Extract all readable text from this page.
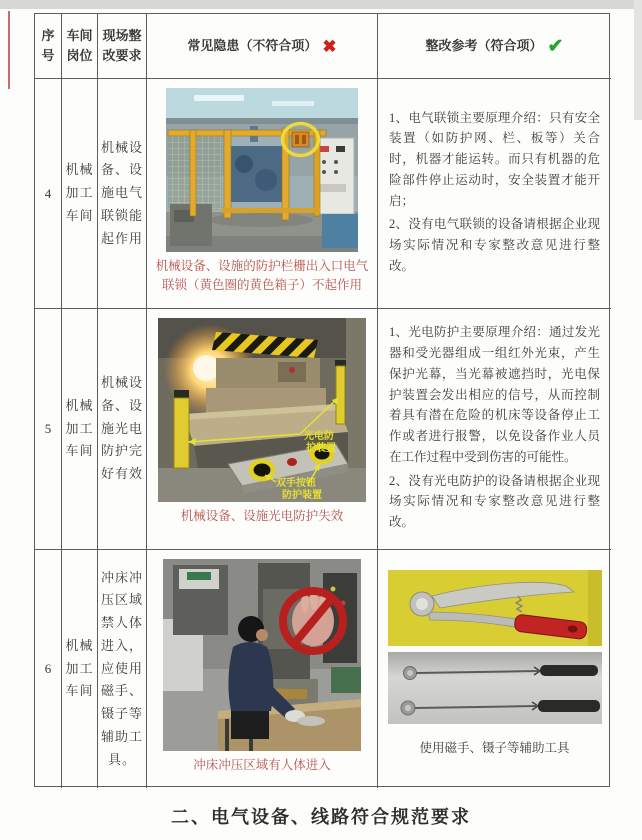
序号
车间岗位
现场整改要求
常见隐患（不符合项） ✖	整改参考（符合项） ✔
4
机械加工车间
机械设备、设施电气联锁能起作用
机械设备、设施的防护栏栅出入口电气联锁（黄色圈的黄色箱子）不起作用

1、电气联锁主要原理介绍：只有安全装置（如防护网、栏、板等）关合时，机器才能运转。而只有机器的危险部件停止运动时，安全装置才能开启；

2、没有电气联锁的设备请根据企业现场实际情况和专家整改意见进行整改。

5
机械加工车间
机械设备、设施光电防护完好有效
光电防
护装置
双手按钮
防护装置
机械设备、设施光电防护失效

1、光电防护主要原理介绍：通过发光器和受光器组成一组红外光束，产生保护光幕，当光幕被遮挡时，光电保护装置会发出相应的信号，从而控制着具有潜在危险的机床等设备停止工作或者进行报警，以免设备作业人员在工作过程中受到伤害的可能性。

2、没有光电防护的设备请根据企业现场实际情况和专家整改意见进行整改。

6
机械加工车间
冲床冲压区域禁人体进入，应使用磁手、镊子等辅助工具。	冲床冲压区域有人体进入
使用磁手、镊子等辅助工具
二、电气设备、线路符合规范要求
